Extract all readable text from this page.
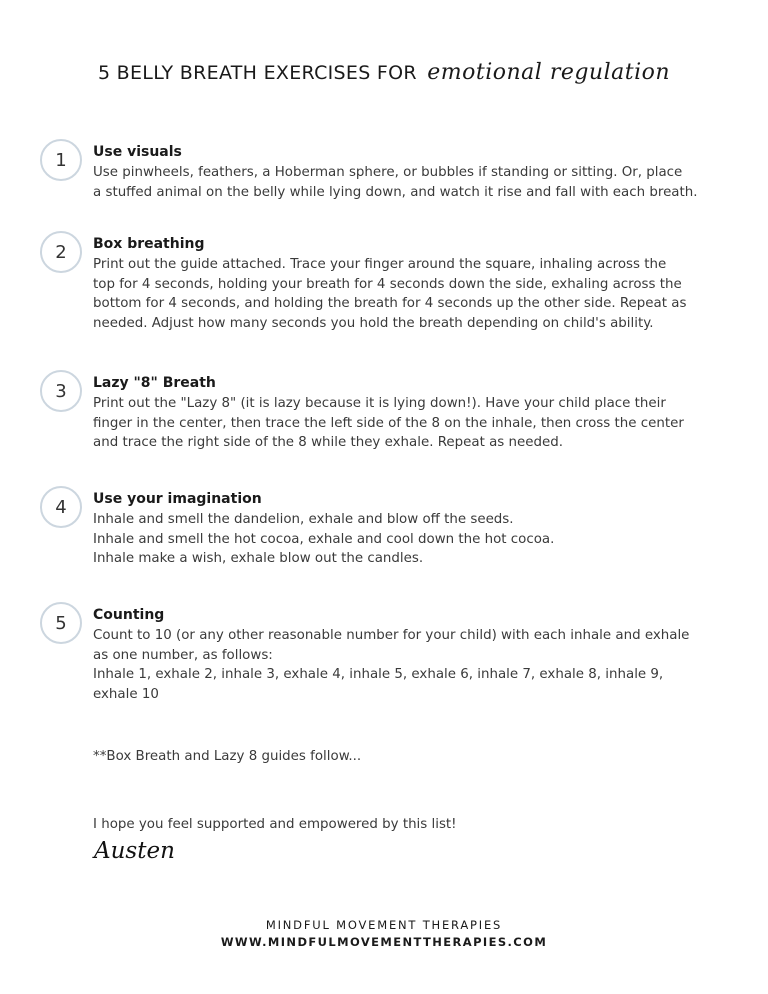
5 BELLY BREATH EXERCISES FOR emotional regulation
1	Use visuals
Use pinwheels, feathers, a Hoberman sphere, or bubbles if standing or sitting. Or, place
a stuffed animal on the belly while lying down, and watch it rise and fall with each breath.
2	Box breathing
Print out the guide attached. Trace your finger around the square, inhaling across the
top for 4 seconds, holding your breath for 4 seconds down the side, exhaling across the
bottom for 4 seconds, and holding the breath for 4 seconds up the other side. Repeat as
needed. Adjust how many seconds you hold the breath depending on child's ability.
3	Lazy "8" Breath
Print out the "Lazy 8" (it is lazy because it is lying down!). Have your child place their
finger in the center, then trace the left side of the 8 on the inhale, then cross the center
and trace the right side of the 8 while they exhale. Repeat as needed.
4	Use your imagination
Inhale and smell the dandelion, exhale and blow off the seeds.
Inhale and smell the hot cocoa, exhale and cool down the hot cocoa.
Inhale make a wish, exhale blow out the candles.
5	Counting
Count to 10 (or any other reasonable number for your child) with each inhale and exhale
as one number, as follows:
Inhale 1, exhale 2, inhale 3, exhale 4, inhale 5, exhale 6, inhale 7, exhale 8, inhale 9,
exhale 10
**Box Breath and Lazy 8 guides follow...
I hope you feel supported and empowered by this list!
Austen
MINDFUL MOVEMENT THERAPIES
WWW.MINDFULMOVEMENTTHERAPIES.COM
